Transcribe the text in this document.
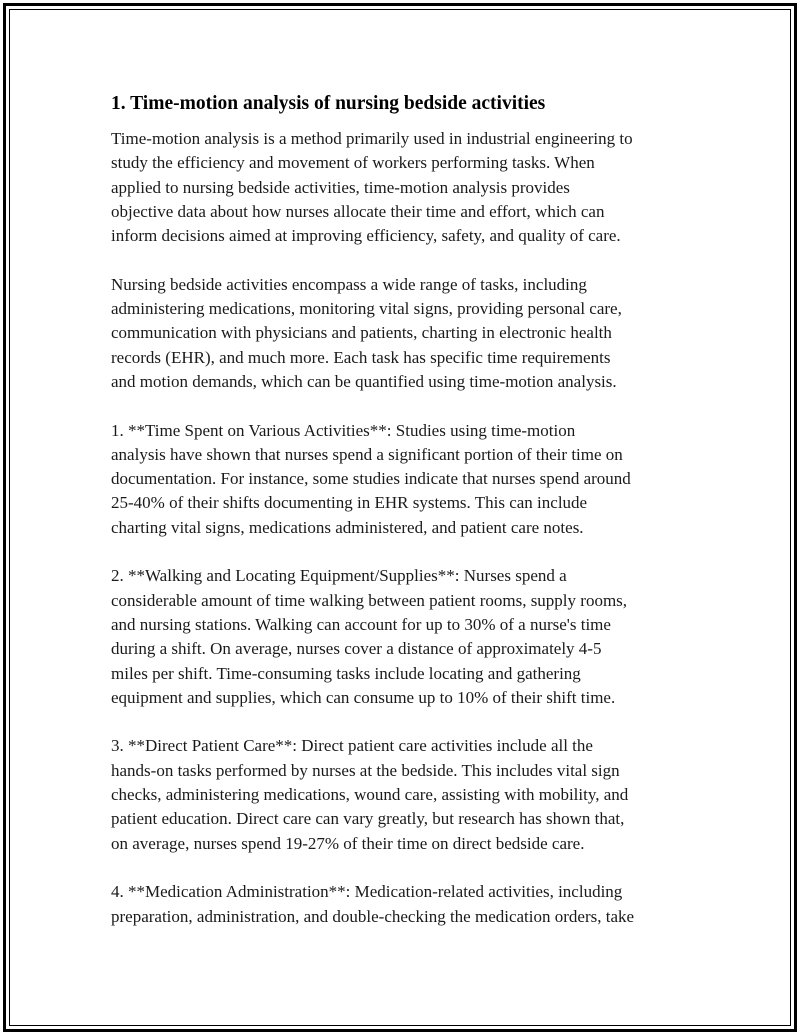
1. Time-motion analysis of nursing bedside activities
Time-motion analysis is a method primarily used in industrial engineering to
study the efficiency and movement of workers performing tasks. When
applied to nursing bedside activities, time-motion analysis provides
objective data about how nurses allocate their time and effort, which can
inform decisions aimed at improving efficiency, safety, and quality of care.
Nursing bedside activities encompass a wide range of tasks, including
administering medications, monitoring vital signs, providing personal care,
communication with physicians and patients, charting in electronic health
records (EHR), and much more. Each task has specific time requirements
and motion demands, which can be quantified using time-motion analysis.
1. **Time Spent on Various Activities**: Studies using time-motion
analysis have shown that nurses spend a significant portion of their time on
documentation. For instance, some studies indicate that nurses spend around
25-40% of their shifts documenting in EHR systems. This can include
charting vital signs, medications administered, and patient care notes.
2. **Walking and Locating Equipment/Supplies**: Nurses spend a
considerable amount of time walking between patient rooms, supply rooms,
and nursing stations. Walking can account for up to 30% of a nurse's time
during a shift. On average, nurses cover a distance of approximately 4-5
miles per shift. Time-consuming tasks include locating and gathering
equipment and supplies, which can consume up to 10% of their shift time.
3. **Direct Patient Care**: Direct patient care activities include all the
hands-on tasks performed by nurses at the bedside. This includes vital sign
checks, administering medications, wound care, assisting with mobility, and
patient education. Direct care can vary greatly, but research has shown that,
on average, nurses spend 19-27% of their time on direct bedside care.
4. **Medication Administration**: Medication-related activities, including
preparation, administration, and double-checking the medication orders, take
